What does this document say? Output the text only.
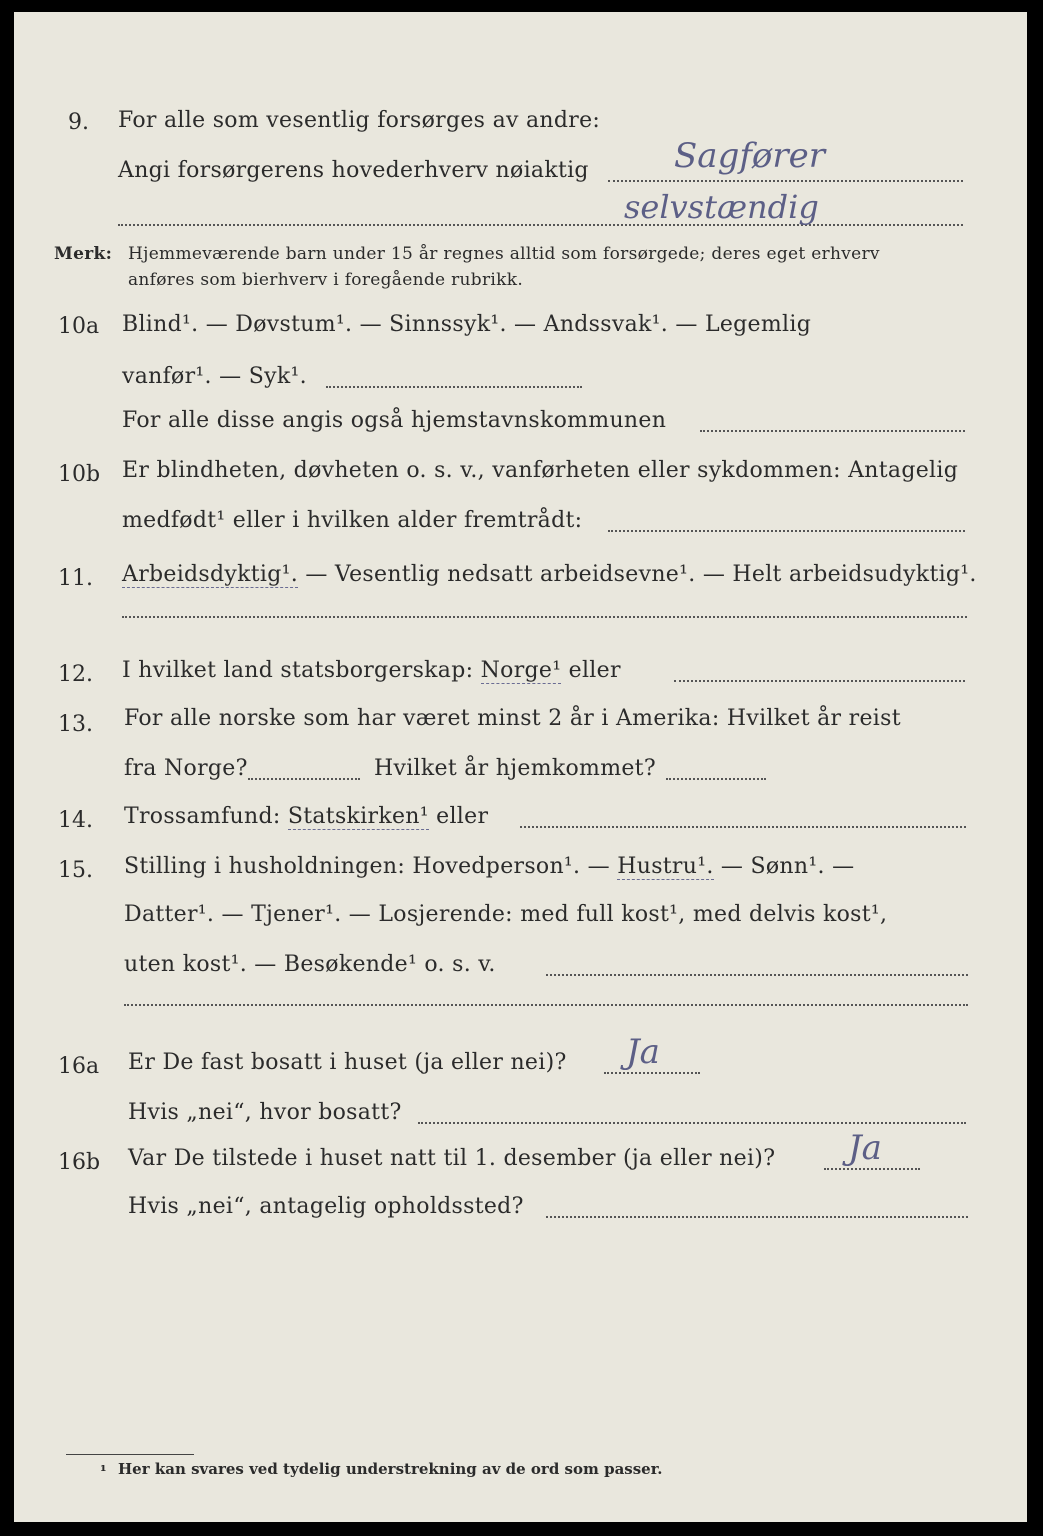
9. For alle som vesentlig forsørges av andre:
Angi forsørgerens hovederhverv nøiaktig	Sagfører
selvstændig
Merk: Hjemmeværende barn under 15 år regnes alltid som forsørgede; deres eget erhverv
anføres som bierhverv i foregående rubrikk.
10a Blind¹. — Døvstum¹. — Sinnssyk¹. — Andssvak¹. — Legemlig
vanfør¹. — Syk¹.
For alle disse angis også hjemstavnskommunen
10b Er blindheten, døvheten o. s. v., vanførheten eller sykdommen: Antagelig
medfødt¹ eller i hvilken alder fremtrådt:
11. Arbeidsdyktig¹. — Vesentlig nedsatt arbeidsevne¹. — Helt arbeidsudyktig¹.
12. I hvilket land statsborgerskap: Norge¹ eller
13. For alle norske som har været minst 2 år i Amerika: Hvilket år reist
fra Norge?	Hvilket år hjemkommet?
14. Trossamfund: Statskirken¹ eller
15. Stilling i husholdningen: Hovedperson¹. — Hustru¹. — Sønn¹. —
Datter¹. — Tjener¹. — Losjerende: med full kost¹, med delvis kost¹,
uten kost¹. — Besøkende¹ o. s. v.
16a Er De fast bosatt i huset (ja eller nei)? Ja
Hvis „nei“, hvor bosatt?
16b Var De tilstede i huset natt til 1. desember (ja eller nei)? Ja
Hvis „nei“, antagelig opholdssted?
¹ Her kan svares ved tydelig understrekning av de ord som passer.
